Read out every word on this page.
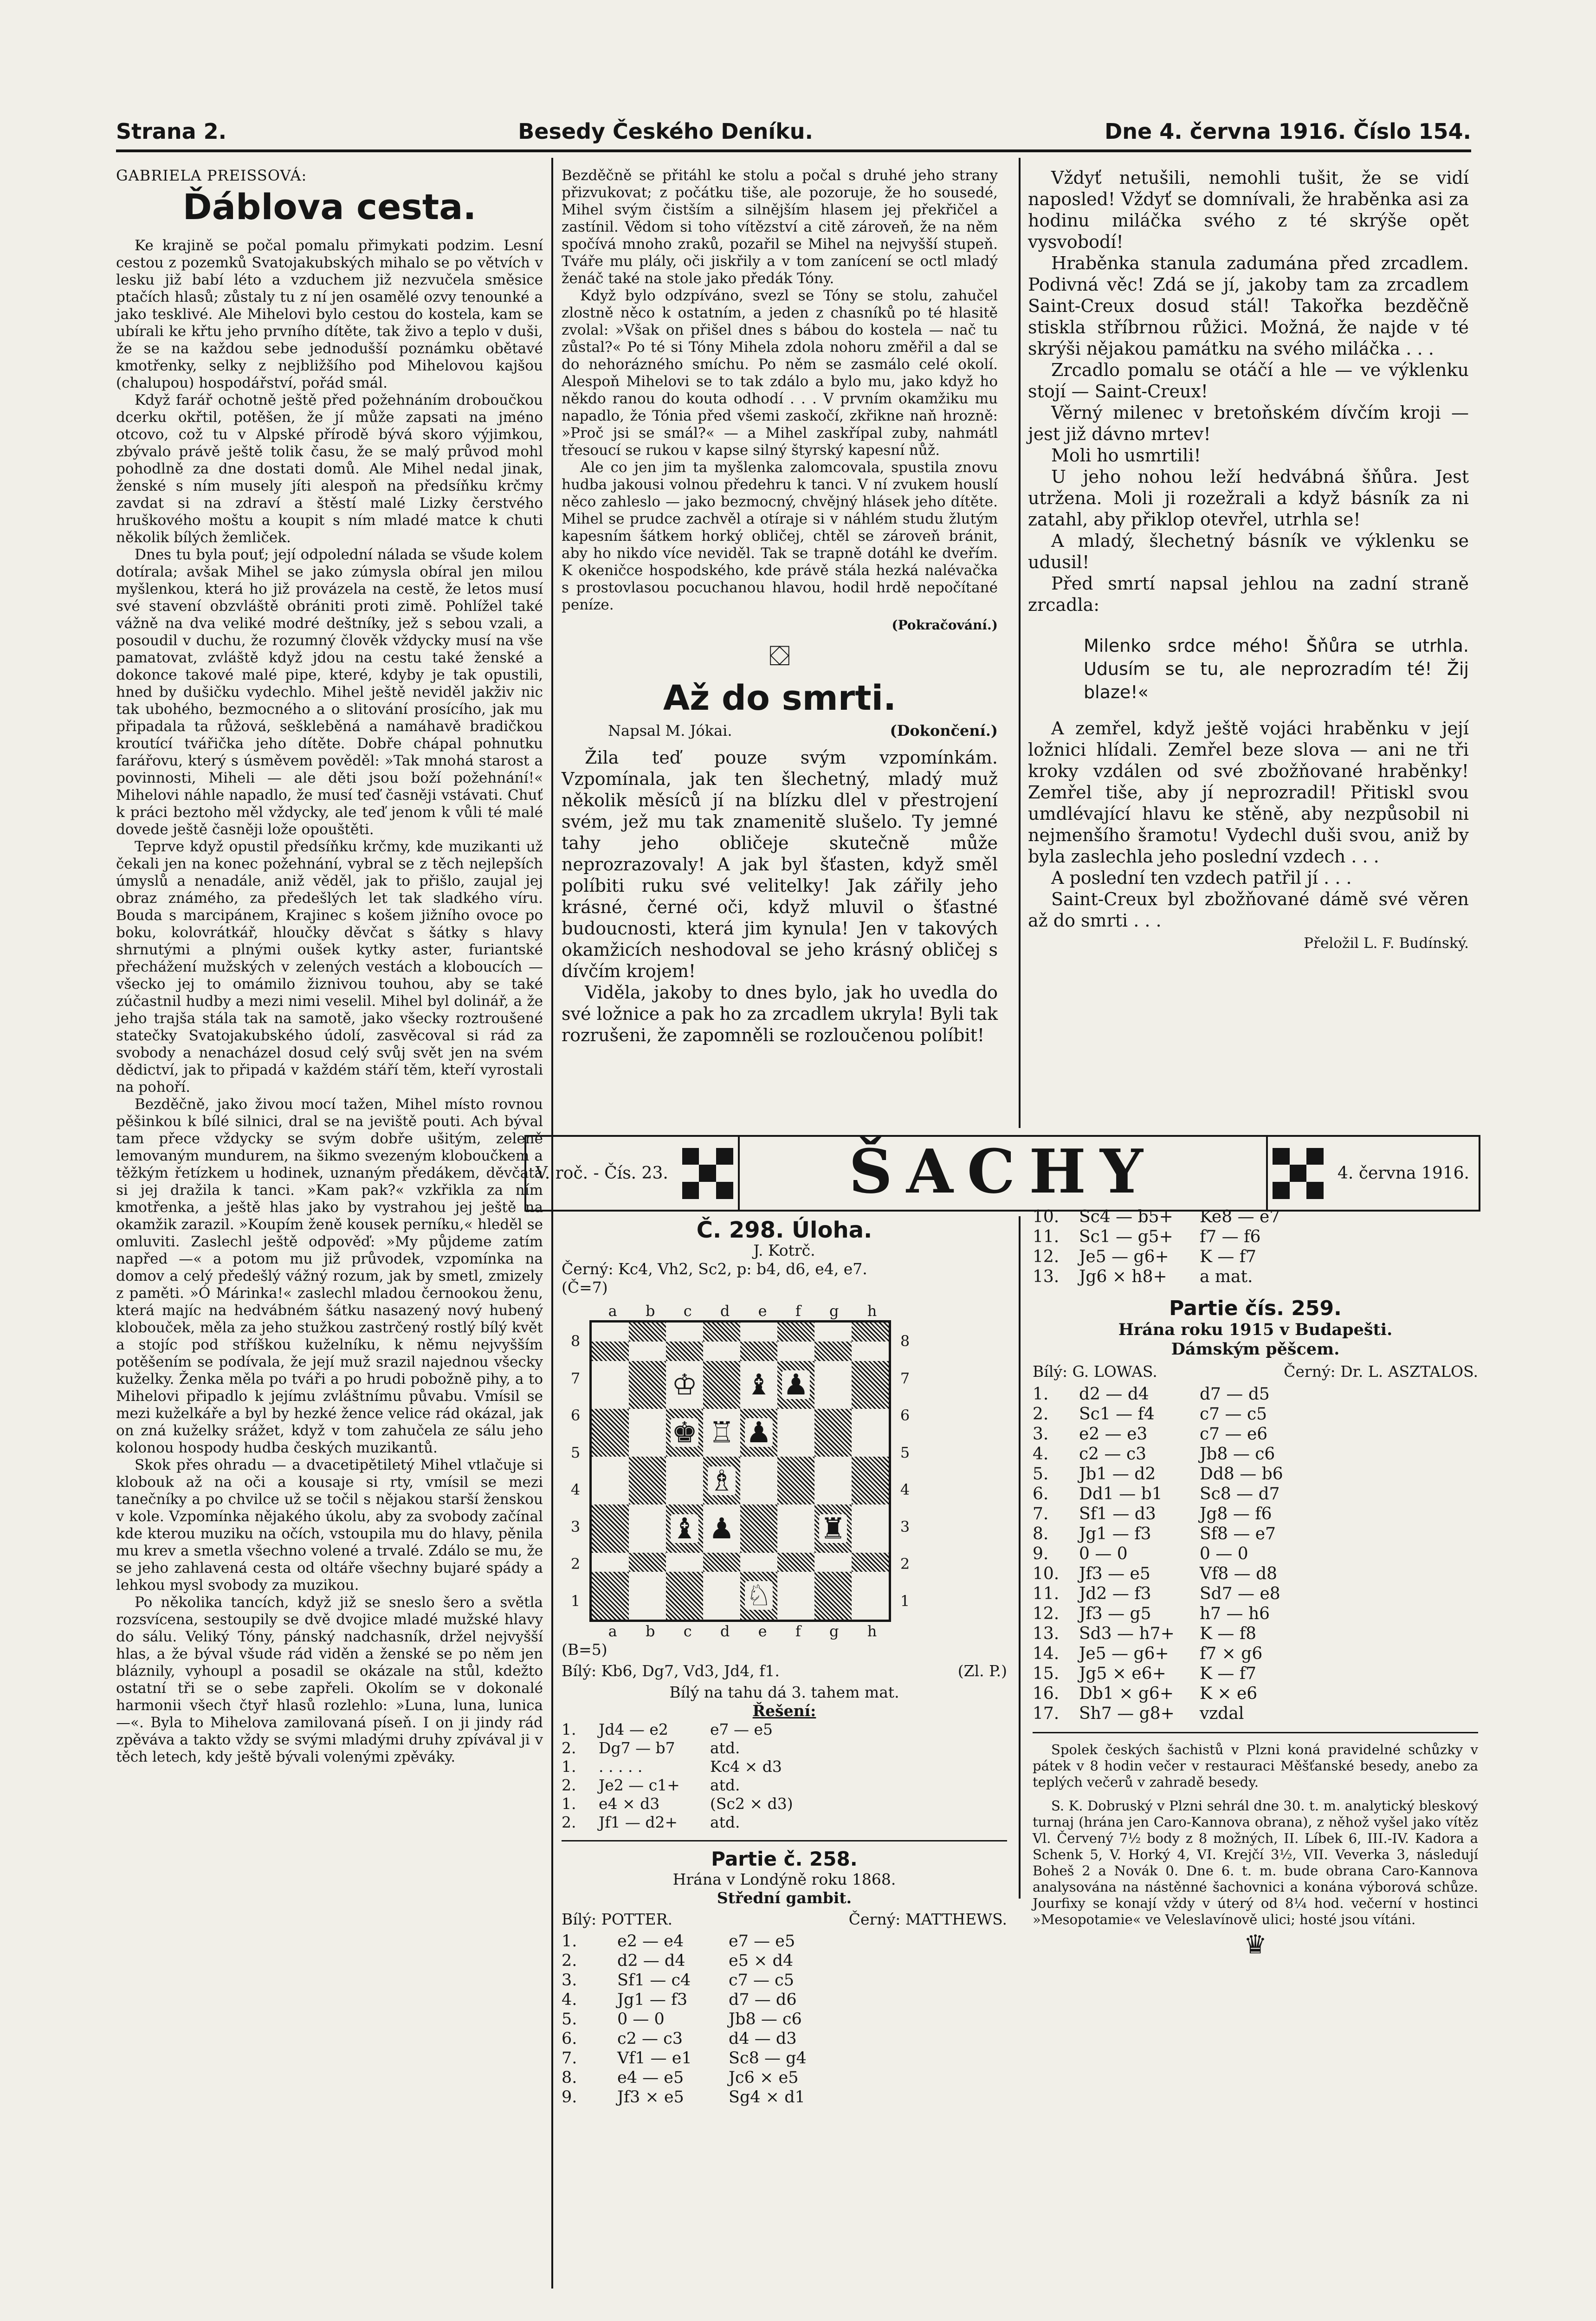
Strana 2.	Besedy Českého Deníku.	Dne 4. června 1916. Číslo 154.
GABRIELA PREISSOVÁ:
Ďáblova cesta.

Ke krajině se počal pomalu přimykati podzim. Lesní cestou z pozemků Svatojakubských mihalo se po větvích v lesku již babí léto a vzduchem již nezvučela směsice ptačích hlasů; zůstaly tu z ní jen osamělé ozvy tenounké a jako tesklivé. Ale Mihelovi bylo cestou do kostela, kam se ubírali ke křtu jeho prvního dítěte, tak živo a teplo v duši, že se na každou sebe jednodušší poznámku obětavé kmotřenky, selky z nejbližšího pod Mihelovou kajšou (chalupou) hospodářství, pořád smál.

Když farář ochotně ještě před požehnáním droboučkou dcerku okřtil, potěšen, že jí může zapsati na jméno otcovo, což tu v Alpské přírodě bývá skoro výjimkou, zbývalo právě ještě tolik času, že se malý průvod mohl pohodlně za dne dostati domů. Ale Mihel nedal jinak, ženské s ním musely jíti alespoň na předsíňku krčmy zavdat si na zdraví a štěstí malé Lizky čerstvého hruškového moštu a koupit s ním mladé matce k chuti několik bílých žemliček.

Dnes tu byla pouť; její odpolední nálada se všude kolem dotírala; avšak Mihel se jako zúmysla obíral jen milou myšlenkou, která ho již provázela na cestě, že letos musí své stavení obzvláště obrániti proti zimě. Pohlížel také vážně na dva veliké modré deštníky, jež s sebou vzali, a posoudil v duchu, že rozumný člověk vždycky musí na vše pamatovat, zvláště když jdou na cestu také ženské a dokonce takové malé pipe, které, kdyby je tak opustili, hned by dušičku vydechlo. Mihel ještě neviděl jakživ nic tak ubohého, bezmocného a o slitování prosícího, jak mu připadala ta růžová, seškleběná a namáhavě bradičkou kroutící tvářička jeho dítěte. Dobře chápal pohnutku farářovu, který s úsměvem pověděl: »Tak mnohá starost a povinnosti, Miheli — ale děti jsou boží požehnání!« Mihelovi náhle napadlo, že musí teď časněji vstávati. Chuť k práci beztoho měl vždycky, ale teď jenom k vůli té malé dovede ještě časněji lože opouštěti.

Teprve když opustil předsíňku krčmy, kde muzikanti už čekali jen na konec požehnání, vybral se z těch nejlepších úmyslů a nenadále, aniž věděl, jak to přišlo, zaujal jej obraz známého, za předešlých let tak sladkého víru. Bouda s marcipánem, Krajinec s košem jižního ovoce po boku, kolovrátkář, hloučky děvčat s šátky s hlavy shrnutými a plnými oušek kytky aster, furiantské přechážení mužských v zelených vestách a kloboucích — všecko jej to omámilo žiznivou touhou, aby se také zúčastnil hudby a mezi nimi veselil. Mihel byl dolinář, a že jeho trajša stála tak na samotě, jako všecky roztroušené statečky Svatojakubského údolí, zasvěcoval si rád za svobody a nenacházel dosud celý svůj svět jen na svém dědictví, jak to připadá v každém stáří těm, kteří vyrostali na pohoří.

Bezděčně, jako živou mocí tažen, Mihel místo rovnou pěšinkou k bílé silnici, dral se na jeviště pouti. Ach býval tam přece vždycky se svým dobře ušitým, zeleně lemovaným mundurem, na šikmo svezeným kloboučkem a těžkým řetízkem u hodinek, uznaným předákem, děvčata si jej dražila k tanci. »Kam pak?« vzkřikla za ním kmotřenka, a ještě hlas jako by vystrahou jej ještě na okamžik zarazil. »Koupím ženě kousek perníku,« hleděl se omluviti. Zaslechl ještě odpověď: »My půjdeme zatím napřed —« a potom mu již průvodek, vzpomínka na domov a celý předešlý vážný rozum, jak by smetl, zmizely z paměti. »Ó Márinka!« zaslechl mladou černookou ženu, která majíc na hedvábném šátku nasazený nový hubený klobouček, měla za jeho stužkou zastrčený rostlý bílý květ a stojíc pod stříškou kuželníku, k němu nejvyšším potěšením se podívala, že její muž srazil najednou všecky kuželky. Ženka měla po tváři a po hrudi pobožně pihy, a to Mihelovi připadlo k jejímu zvláštnímu půvabu. Vmísil se mezi kuželkáře a byl by hezké žence velice rád okázal, jak on zná kuželky srážet, když v tom zahučela ze sálu jeho kolonou hospody hudba českých muzikantů.

Skok přes ohradu — a dvacetipětiletý Mihel vtlačuje si klobouk až na oči a kousaje si rty, vmísil se mezi tanečníky a po chvilce už se točil s nějakou starší ženskou v kole. Vzpomínka nějakého úkolu, aby za svobody začínal kde kterou muziku na očích, vstoupila mu do hlavy, pěnila mu krev a smetla všechno volené a trvalé. Zdálo se mu, že se jeho zahlavená cesta od oltáře všechny bujaré spády a lehkou mysl svobody za muzikou.

Po několika tancích, když již se sneslo šero a světla rozsvícena, sestoupily se dvě dvojice mladé mužské hlavy do sálu. Veliký Tóny, pánský nadchasník, držel nejvyšší hlas, a že býval všude rád viděn a ženské se po něm jen bláznily, vyhoupl a posadil se okázale na stůl, kdežto ostatní tři se o sebe zapřeli. Okolím se v dokonalé harmonii všech čtyř hlasů rozlehlo: »Luna, luna, lunica —«. Byla to Mihelova zamilovaná píseň. I on ji jindy rád zpěváva a takto vždy se svými mladými druhy zpívával ji v těch letech, kdy ještě bývali volenými zpěváky.

Bezděčně se přitáhl ke stolu a počal s druhé jeho strany přizvukovat; z počátku tiše, ale pozoruje, že ho sousedé, Mihel svým čistším a silnějším hlasem jej překřičel a zastínil. Vědom si toho vítězství a citě zároveň, že na něm spočívá mnoho zraků, pozařil se Mihel na nejvyšší stupeň. Tváře mu plály, oči jiskřily a v tom zanícení se octl mladý ženáč také na stole jako předák Tóny.

Když bylo odzpíváno, svezl se Tóny se stolu, zahučel zlostně něco k ostatním, a jeden z chasníků po té hlasitě zvolal: »Však on přišel dnes s bábou do kostela — nač tu zůstal?« Po té si Tóny Mihela zdola nohoru změřil a dal se do nehorázného smíchu. Po něm se zasmálo celé okolí. Alespoň Mihelovi se to tak zdálo a bylo mu, jako když ho někdo ranou do kouta odhodí . . . V prvním okamžiku mu napadlo, že Tónia před všemi zaskočí, zkřikne naň hrozně: »Proč jsi se smál?« — a Mihel zaskřípal zuby, nahmátl třesoucí se rukou v kapse silný štyrský kapesní nůž.

Ale co jen jim ta myšlenka zalomcovala, spustila znovu hudba jakousi volnou předehru k tanci. V ní zvukem houslí něco zahleslo — jako bezmocný, chvějný hlásek jeho dítěte. Mihel se prudce zachvěl a otíraje si v náhlém studu žlutým kapesním šátkem horký obličej, chtěl se zároveň bránit, aby ho nikdo více neviděl. Tak se trapně dotáhl ke dveřím. K okeničce hospodského, kde právě stála hezká nalévačka s prostovlasou pocuchanou hlavou, hodil hrdě nepočítané peníze.

(Pokračování.)
⛋
Až do smrti.
Napsal M. Jókai.	(Dokončení.)

Žila teď pouze svým vzpomínkám. Vzpomínala, jak ten šlechetný, mladý muž několik měsíců jí na blízku dlel v přestrojení svém, jež mu tak znamenitě slušelo. Ty jemné tahy jeho obličeje skutečně může neprozrazovaly! A jak byl šťasten, když směl políbiti ruku své velitelky! Jak zářily jeho krásné, černé oči, když mluvil o šťastné budoucnosti, která jim kynula! Jen v takových okamžicích neshodoval se jeho krásný obličej s dívčím krojem!

Viděla, jakoby to dnes bylo, jak ho uvedla do své ložnice a pak ho za zrcadlem ukryla! Byli tak rozrušeni, že zapomněli se rozloučenou políbit!

Vždyť netušili, nemohli tušit, že se vidí naposled! Vždyť se domnívali, že hraběnka asi za hodinu miláčka svého z té skrýše opět vysvobodí!

Hraběnka stanula zadumána před zrcadlem. Podivná věc! Zdá se jí, jakoby tam za zrcadlem Saint-Creux dosud stál! Takořka bezděčně stiskla stříbrnou růžici. Možná, že najde v té skrýši nějakou památku na svého miláčka . . .

Zrcadlo pomalu se otáčí a hle — ve výklenku stojí — Saint-Creux!

Věrný milenec v bretoňském dívčím kroji — jest již dávno mrtev!

Moli ho usmrtili!

U jeho nohou leží hedvábná šňůra. Jest utržena. Moli ji rozežrali a když básník za ni zatahl, aby přiklop otevřel, utrhla se!

A mladý, šlechetný básník ve výklenku se udusil!

Před smrtí napsal jehlou na zadní straně zrcadla:

Milenko srdce mého! Šňůra se utrhla. Udusím se tu, ale neprozradím té! Žij blaze!«

A zemřel, když ještě vojáci hraběnku v její ložnici hlídali. Zemřel beze slova — ani ne tři kroky vzdálen od své zbožňované hraběnky! Zemřel tiše, aby jí neprozradil! Přitiskl svou umdlévající hlavu ke stěně, aby nezpůsobil ni nejmenšího šramotu! Vydechl duši svou, aniž by byla zaslechla jeho poslední vzdech . . .

A poslední ten vzdech patřil jí . . .

Saint-Creux byl zbožňované dámě své věren až do smrti . . .

Přeložil L. F. Budínský.
V. roč. - Čís. 23.	ŠACHY	4. června 1916.
Č. 298. Úloha.
J. Kotrč.
Černý: Kc4, Vh2, Sc2, p: b4, d6, e4, e7.
(Č=7)
a b c d e f g h
8
7
6
5
4
3
2
1
♔ ♝ ♟
♚ ♖ ♟
♗
♝ ♟	♜
♘
8
7
6
5
4
3
2
1
a b c d e f g h
(B=5)
Bílý: Kb6, Dg7, Vd3, Jd4, f1.	(Zl. P.)
Bílý na tahu dá 3. tahem mat.
Řešení:
1.	Jd4 — e2	e7 — e5
2.	Dg7 — b7	atd.
1.	. . . . .	Kc4 × d3
2.	Je2 — c1+	atd.
1.	e4 × d3	(Sc2 × d3)
2.	Jf1 — d2+	atd.
Partie č. 258.
Hrána v Londýně roku 1868.
Střední gambit.
Bílý: POTTER.	Černý: MATTHEWS.
1.	e2 — e4	e7 — e5
2.	d2 — d4	e5 × d4
3.	Sf1 — c4	c7 — c5
4.	Jg1 — f3	d7 — d6
5.	0 — 0	Jb8 — c6
6.	c2 — c3	d4 — d3
7.	Vf1 — e1	Sc8 — g4
8.	e4 — e5	Jc6 × e5
9.	Jf3 × e5	Sg4 × d1
10.	Sc4 — b5+	Ke8 — e7
11.	Sc1 — g5+	f7 — f6
12.	Je5 — g6+	K — f7
13.	Jg6 × h8+	a mat.
Partie čís. 259.
Hrána roku 1915 v Budapešti.
Dámským pěšcem.
Bílý: G. LOWAS.	Černý: Dr. L. ASZTALOS.
1.	d2 — d4	d7 — d5
2.	Sc1 — f4	c7 — c5
3.	e2 — e3	c7 — e6
4.	c2 — c3	Jb8 — c6
5.	Jb1 — d2	Dd8 — b6
6.	Dd1 — b1	Sc8 — d7
7.	Sf1 — d3	Jg8 — f6
8.	Jg1 — f3	Sf8 — e7
9.	0 — 0	0 — 0
10.	Jf3 — e5	Vf8 — d8
11.	Jd2 — f3	Sd7 — e8
12.	Jf3 — g5	h7 — h6
13.	Sd3 — h7+	K — f8
14.	Je5 — g6+	f7 × g6
15.	Jg5 × e6+	K — f7
16.	Db1 × g6+	K × e6
17.	Sh7 — g8+	vzdal

Spolek českých šachistů v Plzni koná pravidelné schůzky v pátek v 8 hodin večer v restauraci Měšťanské besedy, anebo za teplých večerů v zahradě besedy.

S. K. Dobruský v Plzni sehrál dne 30. t. m. analytický bleskový turnaj (hrána jen Caro-Kannova obrana), z něhož vyšel jako vítěz Vl. Červený 7½ body z 8 možných, II. Líbek 6, III.-IV. Kadora a Schenk 5, V. Horký 4, VI. Krejčí 3½, VII. Veverka 3, následují Boheš 2 a Novák 0. Dne 6. t. m. bude obrana Caro-Kannova analysována na nástěnné šachovnici a konána výborová schůze. Jourfixy se konají vždy v úterý od 8¼ hod. večerní v hostinci »Mesopotamie« ve Veleslavínově ulici; hosté jsou vítáni.

♛
